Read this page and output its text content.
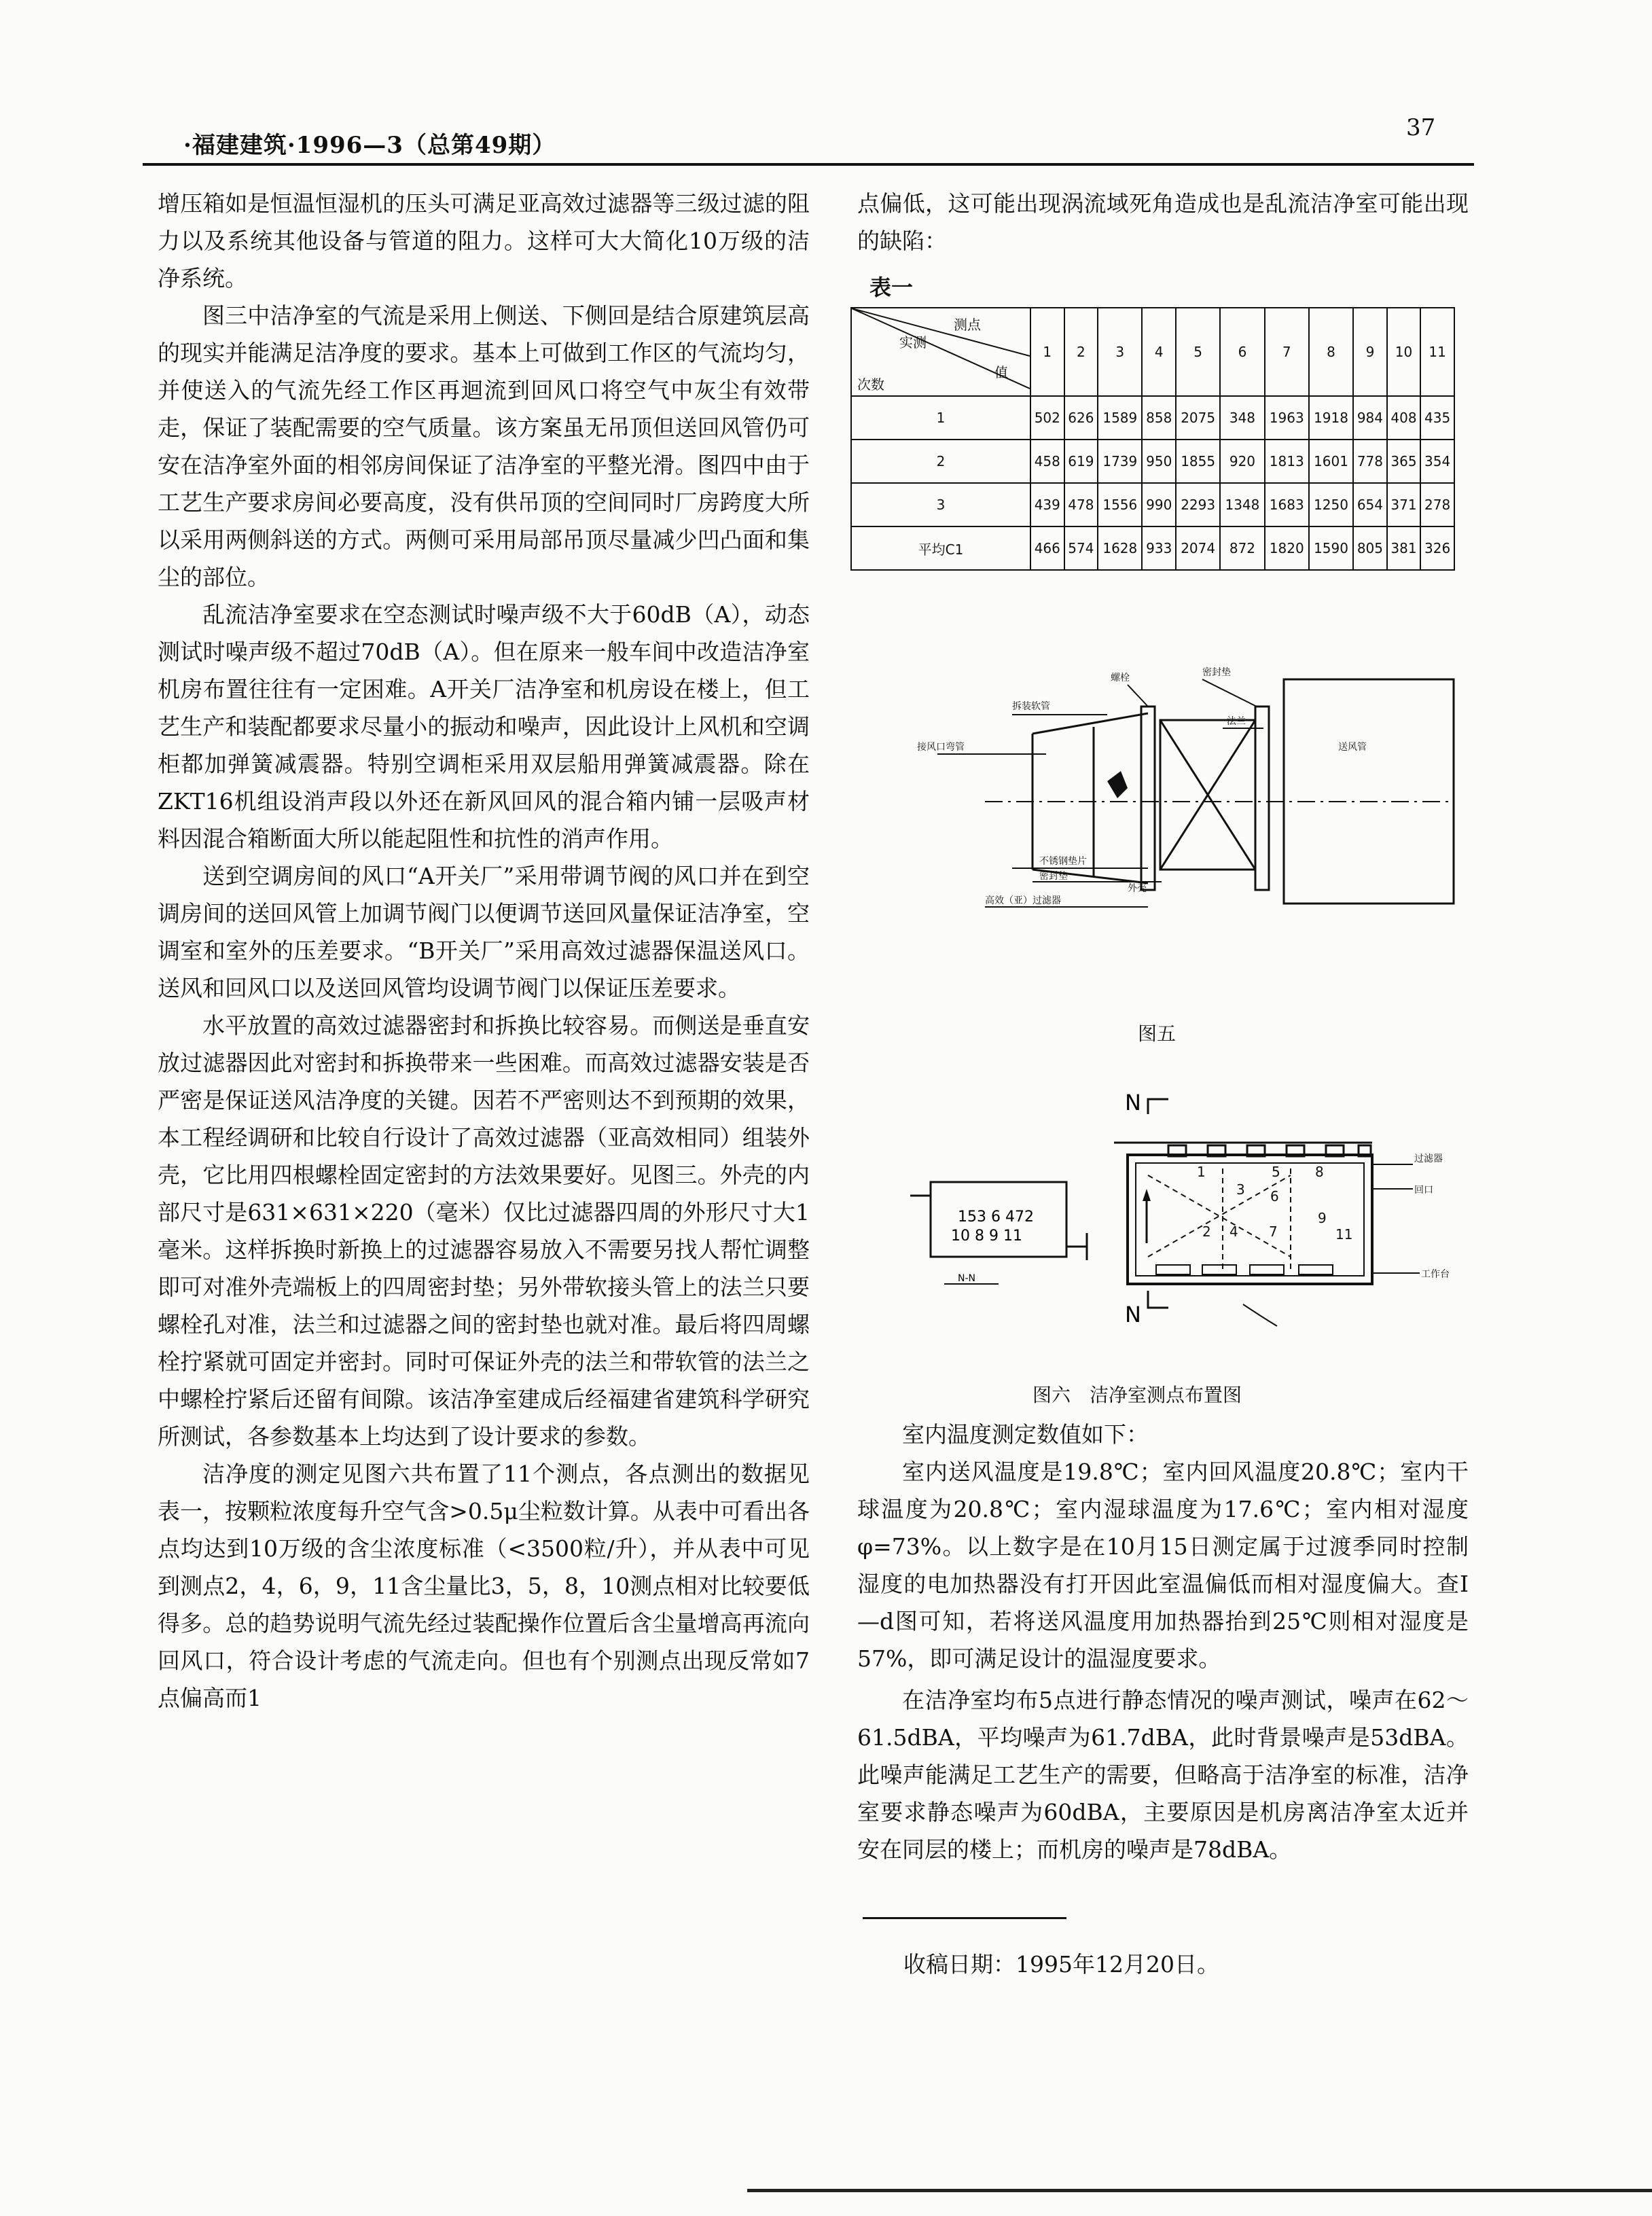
·福建建筑·1996—3（总第49期）
37

增压箱如是恒温恒湿机的压头可满足亚高效过滤器等三级过滤的阻力以及系统其他设备与管道的阻力。这样可大大简化10万级的洁净系统。

图三中洁净室的气流是采用上侧送、下侧回是结合原建筑层高的现实并能满足洁净度的要求。基本上可做到工作区的气流均匀，并使送入的气流先经工作区再迴流到回风口将空气中灰尘有效带走，保证了装配需要的空气质量。该方案虽无吊顶但送回风管仍可安在洁净室外面的相邻房间保证了洁净室的平整光滑。图四中由于工艺生产要求房间必要高度，没有供吊顶的空间同时厂房跨度大所以采用两侧斜送的方式。两侧可采用局部吊顶尽量减少凹凸面和集尘的部位。

乱流洁净室要求在空态测试时噪声级不大于60dB（A），动态测试时噪声级不超过70dB（A）。但在原来一般车间中改造洁净室机房布置往往有一定困难。A开关厂洁净室和机房设在楼上，但工艺生产和装配都要求尽量小的振动和噪声，因此设计上风机和空调柜都加弹簧减震器。特别空调柜采用双层船用弹簧减震器。除在ZKT16机组设消声段以外还在新风回风的混合箱内铺一层吸声材料因混合箱断面大所以能起阻性和抗性的消声作用。

送到空调房间的风口“A开关厂”采用带调节阀的风口并在到空调房间的送回风管上加调节阀门以便调节送回风量保证洁净室，空调室和室外的压差要求。“B开关厂”采用高效过滤器保温送风口。送风和回风口以及送回风管均设调节阀门以保证压差要求。

水平放置的高效过滤器密封和拆换比较容易。而侧送是垂直安放过滤器因此对密封和拆换带来一些困难。而高效过滤器安装是否严密是保证送风洁净度的关键。因若不严密则达不到预期的效果，本工程经调研和比较自行设计了高效过滤器（亚高效相同）组装外壳，它比用四根螺栓固定密封的方法效果要好。见图三。外壳的内部尺寸是631×631×220（毫米）仅比过滤器四周的外形尺寸大1毫米。这样拆换时新换上的过滤器容易放入不需要另找人帮忙调整即可对准外壳端板上的四周密封垫；另外带软接头管上的法兰只要螺栓孔对准，法兰和过滤器之间的密封垫也就对准。最后将四周螺栓拧紧就可固定并密封。同时可保证外壳的法兰和带软管的法兰之中螺栓拧紧后还留有间隙。该洁净室建成后经福建省建筑科学研究所测试，各参数基本上均达到了设计要求的参数。

洁净度的测定见图六共布置了11个测点，各点测出的数据见表一，按颗粒浓度每升空气含>0.5μ尘粒数计算。从表中可看出各点均达到10万级的含尘浓度标准（<3500粒/升），并从表中可见到测点2，4，6，9，11含尘量比3，5，8，10测点相对比较要低得多。总的趋势说明气流先经过装配操作位置后含尘量增高再流向回风口，符合设计考虑的气流走向。但也有个别测点出现反常如7点偏高而1

点偏低，这可能出现涡流域死角造成也是乱流洁净室可能出现的缺陷：

表一
测点
实测
值
次数	1	2	3	4	5	6	7	8	9	10	11
1	502	626	1589	858	2075	348	1963	1918	984	408	435
2	458	619	1739	950	1855	920	1813	1601	778	365	354
3	439	478	1556	990	2293	1348	1683	1250	654	371	278
平均C1	466	574	1628	933	2074	872	1820	1590	805	381	326
接风口弯管
拆装软管
螺栓	密封垫
法兰
送风管
不锈钢垫片
密封垫
外壳
高效（亚）过滤器
图五
153 6 472
10 8 9 11
N-N
N
N
1
2
3
4
5
6
7
8
9
11
过滤器
回口
工作台
图六　洁净室测点布置图

室内温度测定数值如下：

室内送风温度是19.8℃；室内回风温度20.8℃；室内干球温度为20.8℃；室内湿球温度为17.6℃；室内相对湿度φ=73%。以上数字是在10月15日测定属于过渡季同时控制湿度的电加热器没有打开因此室温偏低而相对湿度偏大。查I—d图可知，若将送风温度用加热器抬到25℃则相对湿度是57%，即可满足设计的温湿度要求。

在洁净室均布5点进行静态情况的噪声测试，噪声在62～61.5dBA，平均噪声为61.7dBA，此时背景噪声是53dBA。此噪声能满足工艺生产的需要，但略高于洁净室的标准，洁净室要求静态噪声为60dBA，主要原因是机房离洁净室太近并安在同层的楼上；而机房的噪声是78dBA。

收稿日期：1995年12月20日。
